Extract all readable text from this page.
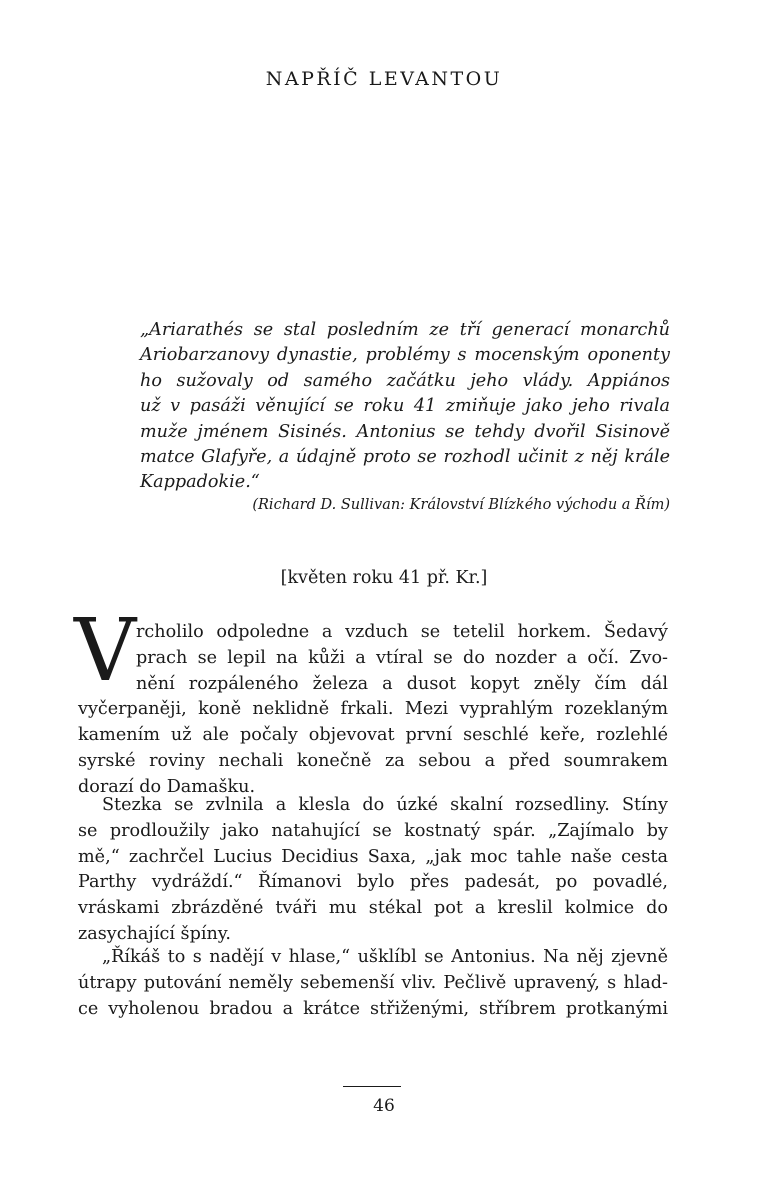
NAPŘÍČ LEVANTOU
„Ariarathés se stal posledním ze tří generací monarchů
Ariobarzanovy dynastie, problémy s mocenským oponenty
ho sužovaly od samého začátku jeho vlády. Appiános
už v pasáži věnující se roku 41 zmiňuje jako jeho rivala
muže jménem Sisinés. Antonius se tehdy dvořil Sisinově
matce Glafyře, a údajně proto se rozhodl učinit z něj krále
Kappadokie.“
(Richard D. Sullivan: Království Blízkého východu a Řím)
[květen roku 41 př. Kr.]
V rcholilo odpoledne a vzduch se tetelil horkem. Šedavý
prach se lepil na kůži a vtíral se do nozder a očí. Zvo-
nění rozpáleného železa a dusot kopyt zněly čím dál
vyčerpaněji, koně neklidně frkali. Mezi vyprahlým rozeklaným
kamením už ale počaly objevovat první seschlé keře, rozlehlé
syrské roviny nechali konečně za sebou a před soumrakem
dorazí do Damašku.
Stezka se zvlnila a klesla do úzké skalní rozsedliny. Stíny
se prodloužily jako natahující se kostnatý spár. „Zajímalo by
mě,“ zachrčel Lucius Decidius Saxa, „jak moc tahle naše cesta
Parthy vydráždí.“ Římanovi bylo přes padesát, po povadlé,
vráskami zbrázděné tváři mu stékal pot a kreslil kolmice do
zasychající špíny.
„Říkáš to s nadějí v hlase,“ ušklíbl se Antonius. Na něj zjevně
útrapy putování neměly sebemenší vliv. Pečlivě upravený, s hlad-
ce vyholenou bradou a krátce střiženými, stříbrem protkanými
46
